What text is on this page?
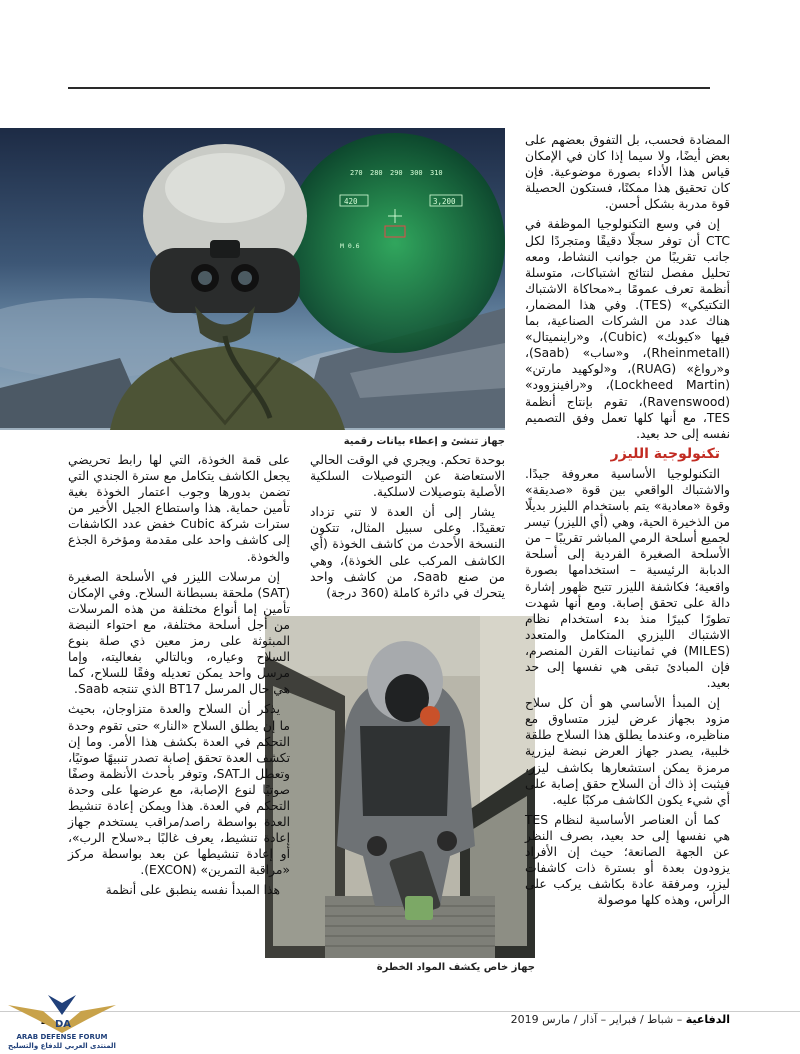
270 280 290 300 310
420	3,200
M 0.6
جهاز تنشئ و إعطاء بيانات رقمية
جهاز خاص يكشف المواد الخطرة

المضادة فحسب، بل التفوق بعضهم على بعض أيضًا، ولا سيما إذا كان في الإمكان قياس هذا الأداء بصورة موضوعية. فإن كان تحقيق هذا ممكنًا، فستكون الحصيلة قوة مدربة بشكل أحسن.

إن في وسع التكنولوجيا الموظفة في CTC أن توفر سجلًا دقيقًا ومتجردًا لكل جانب تقريبًا من جوانب النشاط، ومعه تحليل مفصل لنتائج اشتباكات، متوسلة أنظمة تعرف عمومًا بـ«محاكاة الاشتباك التكتيكي» (TES). وفي هذا المضمار، هناك عدد من الشركات الصناعية، بما فيها «كيوبك» (Cubic)، و«راينميتال» (Rheinmetall)، و«ساب» (Saab)، و«رواغ» (RUAG)، و«لوكهيد مارتن» (Lockheed Martin)، و«رافينزوود» (Ravenswood)، تقوم بإنتاج أنظمة TES، مع أنها كلها تعمل وفق التصميم نفسه إلى حد بعيد.

تكنولوجية الليزر

التكنولوجيا الأساسية معروفة جيدًا. والاشتباك الواقعي بين قوة «صديقة» وقوة «معادية» يتم باستخدام الليزر بديلًا من الذخيرة الحية، وهي (أي الليزر) تيسر لجميع أسلحة الرمي المباشر تقريبًا – من الأسلحة الصغيرة الفردية إلى أسلحة الدبابة الرئيسية – استخدامها بصورة واقعية؛ فكاشفة الليزر تتيح ظهور إشارة دالة على تحقق إصابة. ومع أنها شهدت تطورًا كبيرًا منذ بدء استخدام نظام الاشتباك الليزري المتكامل والمتعدد (MILES) في ثمانينات القرن المنصرم، فإن المبادئ تبقى هي نفسها إلى حد بعيد.

إن المبدأ الأساسي هو أن كل سلاح مزود بجهاز عرض ليزر متساوق مع مناظيره، وعندما يطلق هذا السلاح طلقة خلبية، يصدر جهاز العرض نبضة ليزرية مرمزة يمكن استشعارها بكاشف ليزر، فيثبت إذ ذاك أن السلاح حقق إصابة على أي شيء يكون الكاشف مركبًا عليه.

كما أن العناصر الأساسية لنظام TES هي نفسها إلى حد بعيد، بصرف النظر عن الجهة الصانعة؛ حيث إن الأفراد يزودون بعدة أو بسترة ذات كاشفات ليزر، ومرفقة عادة بكاشف يركب على الرأس، وهذه كلها موصولة

بوحدة تحكم. ويجري في الوقت الحالي الاستعاضة عن التوصيلات السلكية الأصلية بتوصيلات لاسلكية.

يشار إلى أن العدة لا تني تزداد تعقيدًا. وعلى سبيل المثال، تتكون النسخة الأحدث من كاشف الخوذة (أي الكاشف المركب على الخوذة)، وهي من صنع Saab، من كاشف واحد يتحرك في دائرة كاملة (360 درجة)

على قمة الخوذة، التي لها رابط تحريضي يجعل الكاشف يتكامل مع سترة الجندي التي تضمن بدورها وجوب اعتمار الخوذة بغية تأمين حماية. هذا واستطاع الجيل الأخير من سترات شركة Cubic خفض عدد الكاشفات إلى كاشف واحد على مقدمة ومؤخرة الجذع والخوذة.

إن مرسلات الليزر في الأسلحة الصغيرة (SAT) ملحقة بسبطانة السلاح. وفي الإمكان تأمين إما أنواع مختلفة من هذه المرسلات من أجل أسلحة مختلفة، مع احتواء النبضة المبثوثة على رمز معين ذي صلة بنوع السلاح وعياره، وبالتالي بفعاليته، وإما مرسل واحد يمكن تعديله وفقًا للسلاح، كما هي حال المرسل BT17 الذي تنتجه Saab.

يذكر أن السلاح والعدة متزاوجان، بحيث ما إن يطلق السلاح «النار» حتى تقوم وحدة التحكم في العدة بكشف هذا الأمر. وما إن تكشف العدة تحقق إصابة تصدر تنبيهًا صوتيًا، وتعطل الـSAT، وتوفر بأحدث الأنظمة وصفًا صوتيًا لنوع الإصابة، مع عرضها على وحدة التحكم في العدة. هذا ويمكن إعادة تنشيط العدة بواسطة راصد/مراقب يستخدم جهاز إعادة تنشيط، يعرف غالبًا بـ«سلاح الرب»، أو إعادة تنشيطها عن بعد بواسطة مركز «مراقبة التمرين» (EXCON).

هذا المبدأ نفسه ينطبق على أنظمة

الدفاعية – شباط / فبراير – آذار / مارس 2019
DA
ARAB DEFENSE FORUM
المنتدى العربي للدفاع والتسليح
